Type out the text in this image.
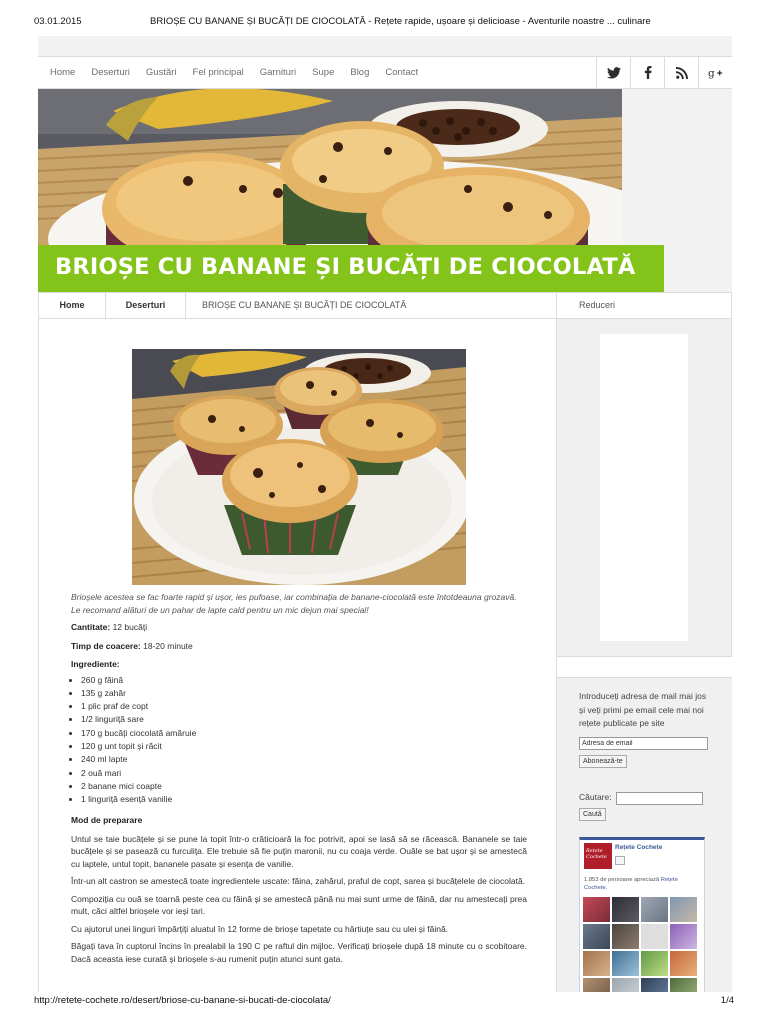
03.01.2015	BRIOȘE CU BANANE ȘI BUCĂȚI DE CIOCOLATĂ - Rețete rapide, ușoare și delicioase - Aventurile noastre ... culinare
Home Deserturi Gustări Fel principal Garnituri Supe Blog Contact	g
BRIOȘE CU BANANE ȘI BUCĂȚI DE CIOCOLATĂ
Home	Deserturi	BRIOȘE CU BANANE ȘI BUCĂȚI DE CIOCOLATĂ	Reduceri

Brioșele acestea se fac foarte rapid și ușor, ies pufoase, iar combinația de banane-ciocolată este întotdeauna grozavă. Le recomand alături de un pahar de lapte cald pentru un mic dejun mai special!

Cantitate: 12 bucăți

Timp de coacere: 18-20 minute

Ingrediente:

• 260 g făină
• 135 g zahăr
• 1 plic praf de copt
• 1/2 linguriță sare
• 170 g bucăți ciocolată amăruie
• 120 g unt topit și răcit
• 240 ml lapte
• 2 ouă mari
• 2 banane mici coapte
• 1 linguriță esență vanilie

Mod de preparare

Untul se taie bucățele și se pune la topit într-o crăticioară la foc potrivit, apoi se lasă să se răcească. Bananele se taie bucățele și se pasează cu furculița. Ele trebuie să fie puțin maronii, nu cu coaja verde. Ouăle se bat ușor și se amestecă cu laptele, untul topit, bananele pasate și esența de vanilie.

Într-un alt castron se amestecă toate ingredientele uscate: făina, zahărul, praful de copt, sarea și bucățelele de ciocolată.

Compoziția cu ouă se toarnă peste cea cu făină și se amestecă până nu mai sunt urme de făină, dar nu amestecați prea mult, căci altfel brioșele vor ieși tari.

Cu ajutorul unei linguri împărțiți aluatul în 12 forme de brioșe tapetate cu hârtiuțe sau cu ulei și făină.

Băgați tava în cuptorul încins în prealabil la 190 C pe raftul din mijloc. Verificați brioșele după 18 minute cu o scobitoare. Dacă aceasta iese curată și brioșele s-au rumenit puțin atunci sunt gata.

Introduceți adresa de mail mai jos și veți primi pe email cele mai noi rețete publicate pe site

Adresa de email
Abonează-te
Căutare:
Caută
Rețete Cochete
Rețete Cochete

1.853 de persoane apreciază Rețete Cochete.

http://retete-cochete.ro/desert/briose-cu-banane-si-bucati-de-ciocolata/	1/4
